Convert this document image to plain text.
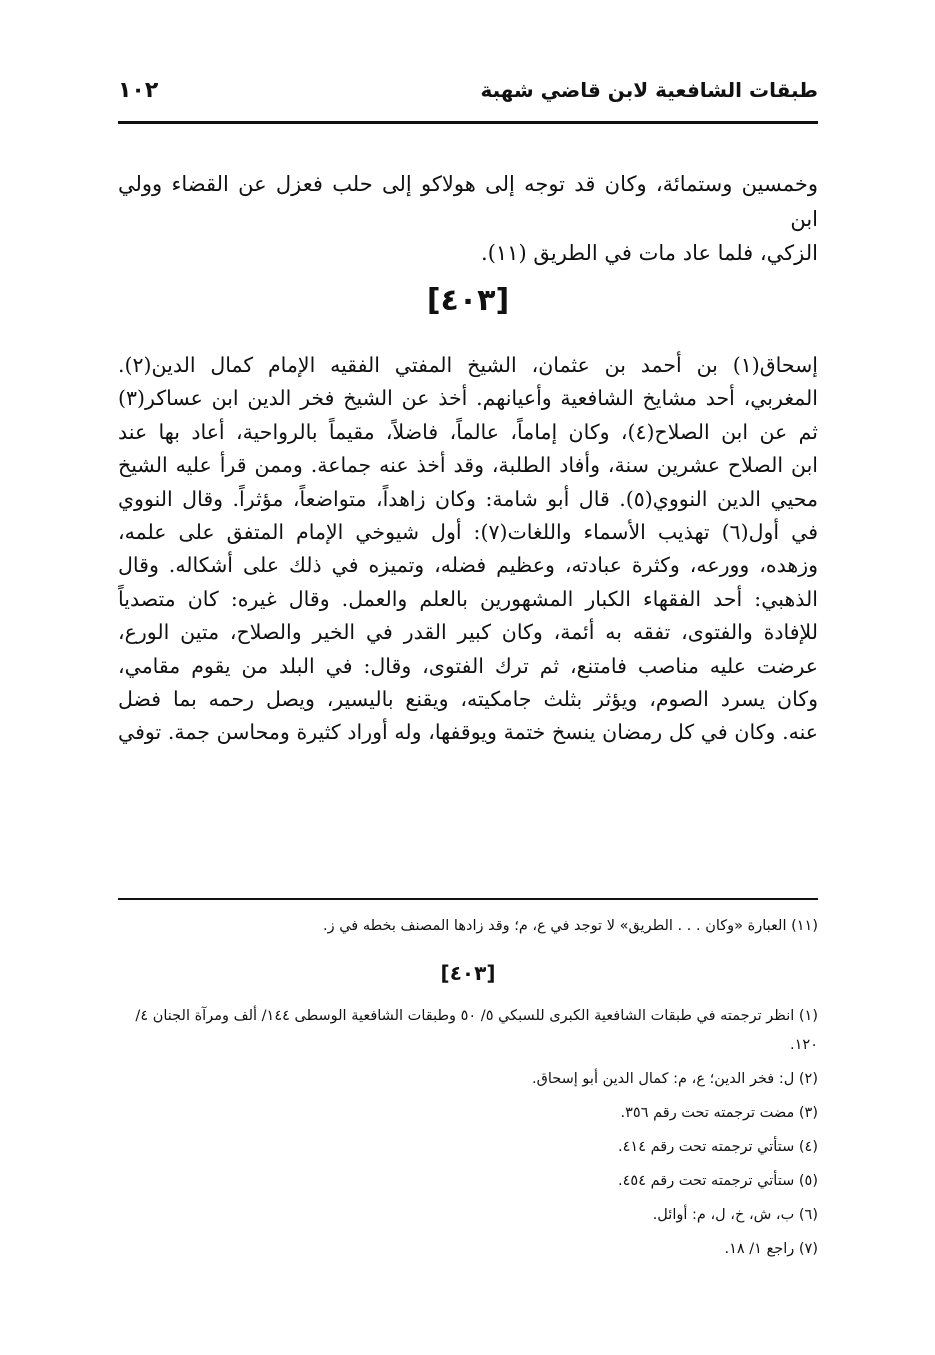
طبقات الشافعية لابن قاضي شهبة
١٠٢

وخمسين وستمائة، وكان قد توجه إلى هولاكو إلى حلب فعزل عن القضاء وولي ابن

الزكي، فلما عاد مات في الطريق (١١).

[٤٠٣]
إسحاق(١) بن أحمد بن عثمان، الشيخ المفتي الفقيه الإمام كمال الدين(٢).
المغربي، أحد مشايخ الشافعية وأعيانهم. أخذ عن الشيخ فخر الدين ابن عساكر(٣)
ثم عن ابن الصلاح(٤)، وكان إماماً، عالماً، فاضلاً، مقيماً بالرواحية، أعاد بها عند
ابن الصلاح عشرين سنة، وأفاد الطلبة، وقد أخذ عنه جماعة. وممن قرأ عليه الشيخ
محيي الدين النووي(٥). قال أبو شامة: وكان زاهداً، متواضعاً، مؤثراً. وقال النووي
في أول(٦) تهذيب الأسماء واللغات(٧): أول شيوخي الإمام المتفق على علمه،
وزهده، وورعه، وكثرة عبادته، وعظيم فضله، وتميزه في ذلك على أشكاله. وقال
الذهبي: أحد الفقهاء الكبار المشهورين بالعلم والعمل. وقال غيره: كان متصدياً
للإفادة والفتوى، تفقه به أئمة، وكان كبير القدر في الخير والصلاح، متين الورع،
عرضت عليه مناصب فامتنع، ثم ترك الفتوى، وقال: في البلد من يقوم مقامي،
وكان يسرد الصوم، ويؤثر بثلث جامكيته، ويقنع باليسير، ويصل رحمه بما فضل
عنه. وكان في كل رمضان ينسخ ختمة ويوقفها، وله أوراد كثيرة ومحاسن جمة. توفي

(١١) العبارة «وكان . . . الطريق» لا توجد في ع، م؛ وقد زادها المصنف بخطه في ز.

[٤٠٣]

(١) انظر ترجمته في طبقات الشافعية الكبرى للسبكي ٥/ ٥٠ وطبقات الشافعية الوسطى ١٤٤/ ألف ومرآة الجنان ٤/ ١٢٠.

(٢) ل: فخر الدين؛ ع، م: كمال الدين أبو إسحاق.

(٣) مضت ترجمته تحت رقم ٣٥٦.

(٤) ستأتي ترجمته تحت رقم ٤١٤.

(٥) ستأتي ترجمته تحت رقم ٤٥٤.

(٦) ب، ش، خ، ل، م: أوائل.

(٧) راجع ١/ ١٨.
